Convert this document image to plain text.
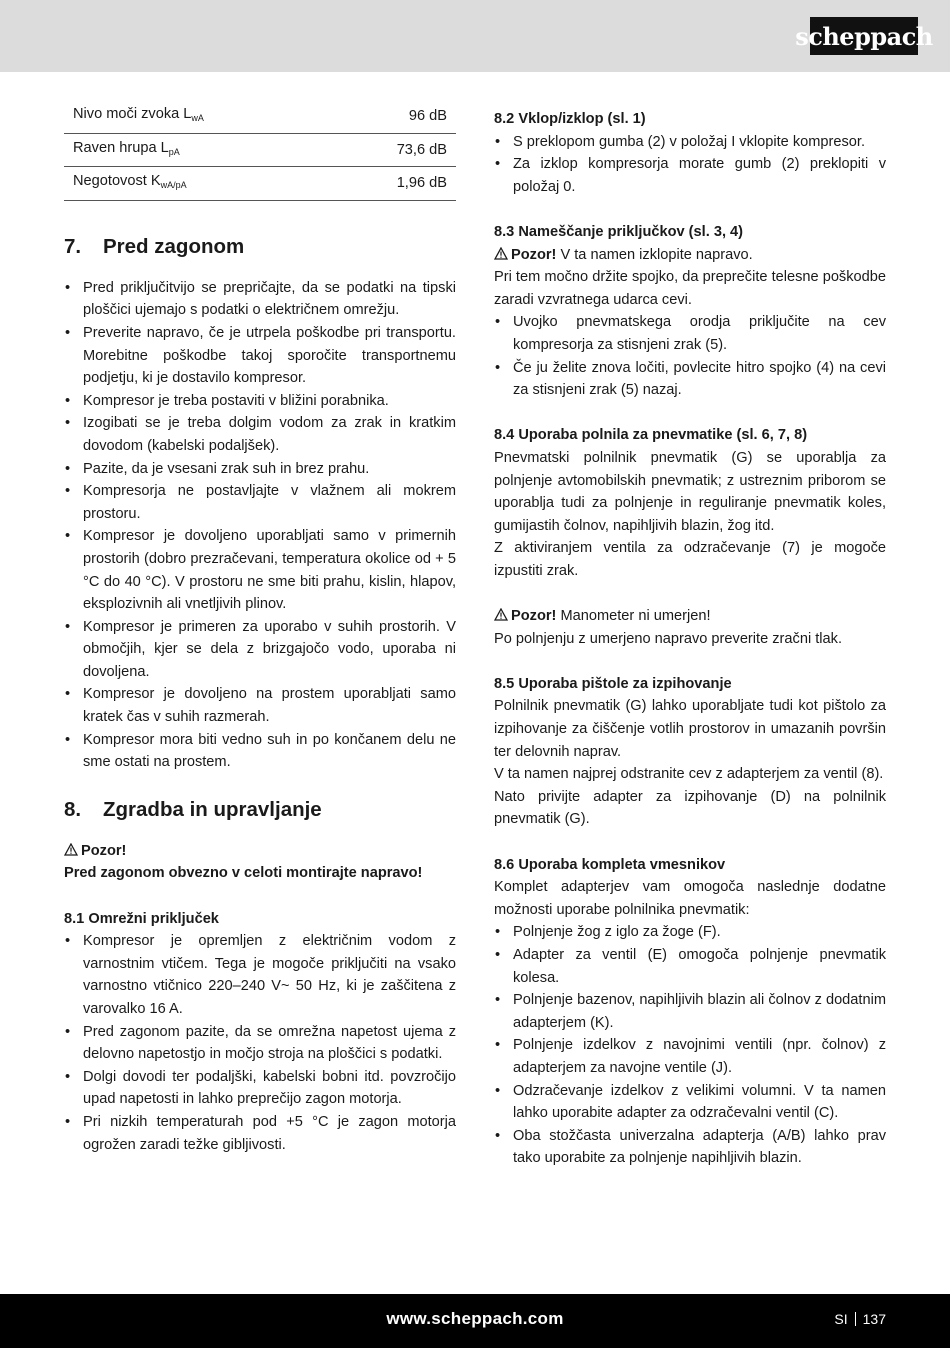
scheppach
Nivo moči zvoka $L_{wA}$	96 dB
Raven hrupa $L_{pA}$	73,6 dB
Negotovost $K_{wA/pA}$	1,96 dB
7. Pred zagonom
• Pred priključitvijo se prepričajte, da se podatki na tipski ploščici ujemajo s podatki o električnem omrežju.
• Preverite napravo, če je utrpela poškodbe pri transportu. Morebitne poškodbe takoj sporočite transportnemu podjetju, ki je dostavilo kompresor.
• Kompresor je treba postaviti v bližini porabnika.
• Izogibati se je treba dolgim vodom za zrak in kratkim dovodom (kabelski podaljšek).
• Pazite, da je vsesani zrak suh in brez prahu.
• Kompresorja ne postavljajte v vlažnem ali mokrem prostoru.
• Kompresor je dovoljeno uporabljati samo v primernih prostorih (dobro prezračevani, temperatura okolice od + 5 °C do 40 °C). V prostoru ne sme biti prahu, kislin, hlapov, eksplozivnih ali vnetljivih plinov.
• Kompresor je primeren za uporabo v suhih prostorih. V območjih, kjer se dela z brizgajočo vodo, uporaba ni dovoljena.
• Kompresor je dovoljeno na prostem uporabljati samo kratek čas v suhih razmerah.
• Kompresor mora biti vedno suh in po končanem delu ne sme ostati na prostem.
8. Zgradba in upravljanje

Pozor!

Pred zagonom obvezno v celoti montirajte napravo!

8.1 Omrežni priključek
• Kompresor je opremljen z električnim vodom z varnostnim vtičem. Tega je mogoče priključiti na vsako varnostno vtičnico 220–240 V~ 50 Hz, ki je zaščitena z varovalko 16 A.
• Pred zagonom pazite, da se omrežna napetost ujema z delovno napetostjo in močjo stroja na ploščici s podatki.
• Dolgi dovodi ter podaljški, kabelski bobni itd. povzročijo upad napetosti in lahko preprečijo zagon motorja.
• Pri nizkih temperaturah pod +5 °C je zagon motorja ogrožen zaradi težke gibljivosti.
8.2 Vklop/izklop (sl. 1)
• S preklopom gumba (2) v položaj I vklopite kompresor.
• Za izklop kompresorja morate gumb (2) preklopiti v položaj 0.
8.3 Nameščanje priključkov (sl. 3, 4)

Pozor! V ta namen izklopite napravo.

Pri tem močno držite spojko, da preprečite telesne poškodbe zaradi vzvratnega udarca cevi.

• Uvojko pnevmatskega orodja priključite na cev kompresorja za stisnjeni zrak (5).
• Če ju želite znova ločiti, povlecite hitro spojko (4) na cevi za stisnjeni zrak (5) nazaj.
8.4 Uporaba polnila za pnevmatike (sl. 6, 7, 8)

Pnevmatski polnilnik pnevmatik (G) se uporablja za polnjenje avtomobilskih pnevmatik; z ustreznim priborom se uporablja tudi za polnjenje in reguliranje pnevmatik koles, gumijastih čolnov, napihljivih blazin, žog itd.

Z aktiviranjem ventila za odzračevanje (7) je mogoče izpustiti zrak.

Pozor! Manometer ni umerjen!

Po polnjenju z umerjeno napravo preverite zračni tlak.

8.5 Uporaba pištole za izpihovanje

Polnilnik pnevmatik (G) lahko uporabljate tudi kot pištolo za izpihovanje za čiščenje votlih prostorov in umazanih površin ter delovnih naprav.

V ta namen najprej odstranite cev z adapterjem za ventil (8).

Nato privijte adapter za izpihovanje (D) na polnilnik pnevmatik (G).

8.6 Uporaba kompleta vmesnikov

Komplet adapterjev vam omogoča naslednje dodatne možnosti uporabe polnilnika pnevmatik:

• Polnjenje žog z iglo za žoge (F).
• Adapter za ventil (E) omogoča polnjenje pnevmatik kolesa.
• Polnjenje bazenov, napihljivih blazin ali čolnov z dodatnim adapterjem (K).
• Polnjenje izdelkov z navojnimi ventili (npr. čolnov) z adapterjem za navojne ventile (J).
• Odzračevanje izdelkov z velikimi volumni. V ta namen lahko uporabite adapter za odzračevalni ventil (C).
• Oba stožčasta univerzalna adapterja (A/B) lahko prav tako uporabite za polnjenje napihljivih blazin.
www.scheppach.com	SI 137
